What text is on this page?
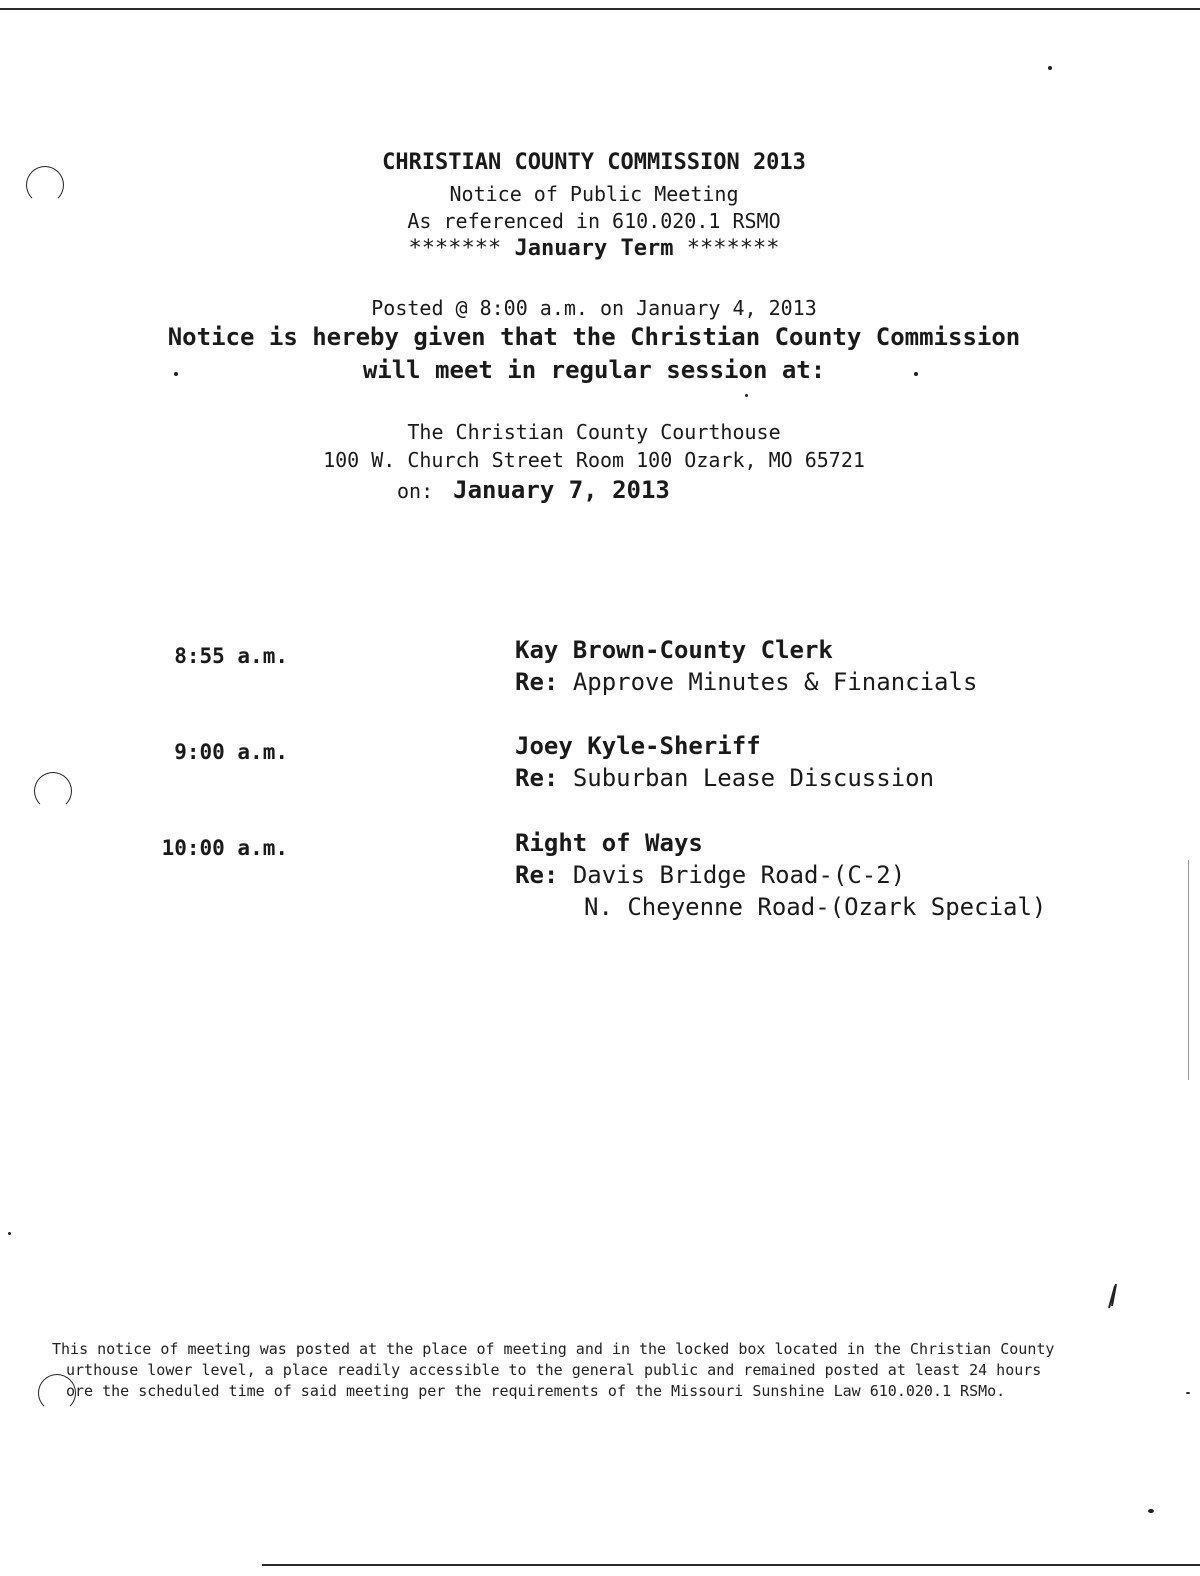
CHRISTIAN COUNTY COMMISSION 2013
Notice of Public Meeting
As referenced in 610.020.1 RSMO
******* January Term *******
Posted @ 8:00 a.m. on January 4, 2013
Notice is hereby given that the Christian County Commission
will meet in regular session at:
The Christian County Courthouse
100 W. Church Street Room 100 Ozark, MO 65721
on: January 7, 2013
8:55 a.m.	Kay Brown-County Clerk
Re: Approve Minutes & Financials
9:00 a.m.	Joey Kyle-Sheriff
Re: Suburban Lease Discussion
10:00 a.m.	Right of Ways
Re: Davis Bridge Road-(C-2)
N. Cheyenne Road-(Ozark Special)
This notice of meeting was posted at the place of meeting and in the locked box located in the Christian County
urthouse lower level, a place readily accessible to the general public and remained posted at least 24 hours
ore the scheduled time of said meeting per the requirements of the Missouri Sunshine Law 610.020.1 RSMo.
